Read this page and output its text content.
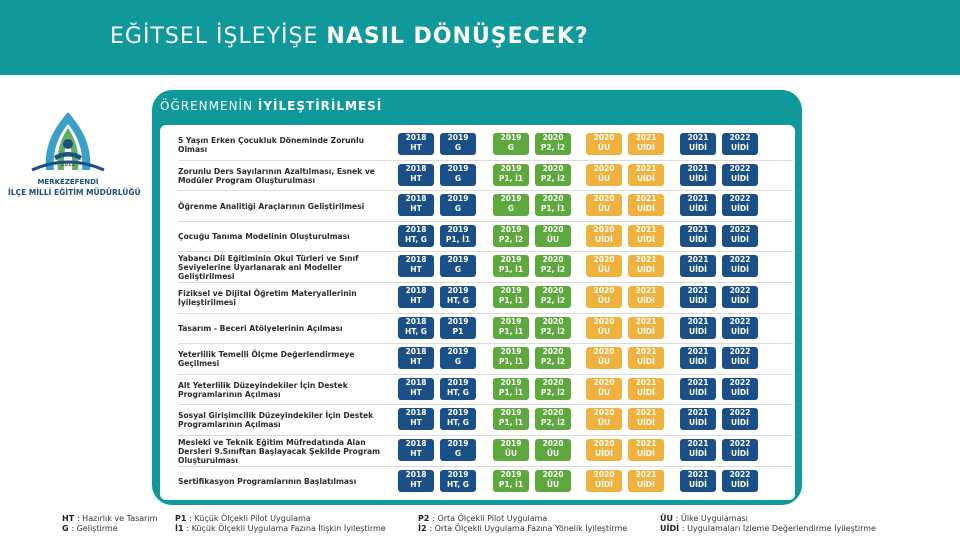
EĞİTSEL İŞLEYİŞE NASIL DÖNÜŞECEK?
2011
MERKEZEFENDİ
İLÇE MİLLİ EĞİTİM MÜDÜRLÜĞÜ
ÖĞRENMENİN İYİLEŞTİRİLMESİ
5 Yaşın Erken Çocukluk Döneminde Zorunlu Olması
2018
HT
2019
G
2019
G
2020
P2, İ2
2020
ÜU
2021
UİDİ
2021
UİDİ
2022
UİDİ
Zorunlu Ders Sayılarının Azaltılması, Esnek ve Modüler Program Oluşturulması
2018
HT
2019
G
2019
P1, İ1
2020
P2, İ2
2020
ÜU
2021
UİDİ
2021
UİDİ
2022
UİDİ
Öğrenme Analitiği Araçlarının Geliştirilmesi
2018
HT
2019
G
2019
G
2020
P1, İ1
2020
ÜU
2021
UİDİ
2021
UİDİ
2022
UİDİ
Çocuğu Tanıma Modelinin Oluşturulması
2018
HT, G
2019
P1, İ1
2019
P2, İ2
2020
ÜU
2020
UİDİ
2021
UİDİ
2021
UİDİ
2022
UİDİ
Yabancı Dil Eğitiminin Okul Türleri ve Sınıf Seviyelerine Uyarlanarak ani Modeller Geliştirilmesi
2018
HT
2019
G
2019
P1, İ1
2020
P2, İ2
2020
ÜU
2021
UİDİ
2021
UİDİ
2022
UİDİ
Fiziksel ve Dijital Öğretim Materyallerinin İyileştirilmesi
2018
HT
2019
HT, G
2019
P1, İ1
2020
P2, İ2
2020
ÜU
2021
UİDİ
2021
UİDİ
2022
UİDİ
Tasarım - Beceri Atölyelerinin Açılması
2018
HT, G
2019
P1
2019
P1, İ1
2020
P2, İ2
2020
ÜU
2021
UİDİ
2021
UİDİ
2022
UİDİ
Yeterlilik Temelli Ölçme Değerlendirmeye Geçilmesi
2018
HT
2019
G
2019
P1, İ1
2020
P2, İ2
2020
ÜU
2021
UİDİ
2021
UİDİ
2022
UİDİ
Alt Yeterlilik Düzeyindekiler İçin Destek Programlarının Açılması
2018
HT
2019
HT, G
2019
P1, İ1
2020
P2, İ2
2020
ÜU
2021
UİDİ
2021
UİDİ
2022
UİDİ
Sosyal Girişimcilik Düzeyindekiler İçin Destek Programlarının Açılması
2018
HT
2019
HT, G
2019
P1, İ1
2020
P2, İ2
2020
ÜU
2021
UİDİ
2021
UİDİ
2022
UİDİ
Mesleki ve Teknik Eğitim Müfredatında Alan Dersleri 9.Sınıftan Başlayacak Şekilde Program Oluşturulması
2018
HT
2019
G
2019
ÜU
2020
ÜU
2020
UİDİ
2021
UİDİ
2021
UİDİ
2022
UİDİ
Sertifikasyon Programlarının Başlatılması
2018
HT
2019
HT, G
2019
P1, İ1
2020
ÜU
2020
UİDİ
2021
UİDİ
2021
UİDİ
2022
UİDİ
HT : Hazırlık ve Tasarım
G : Geliştirme
P1 : Küçük Ölçekli Pilot Uygulama
İ1 : Küçük Ölçekli Uygulama Fazına İlişkin İyileştirme
P2 : Orta Ölçekli Pilot Uygulama
İ2 : Orta Ölçekli Uygulama Fazına Yönelik İyileştirme
ÜU : Ülke Uygulaması
UİDİ : Uygulamaları İzleme Değerlendirme İyileştirme
